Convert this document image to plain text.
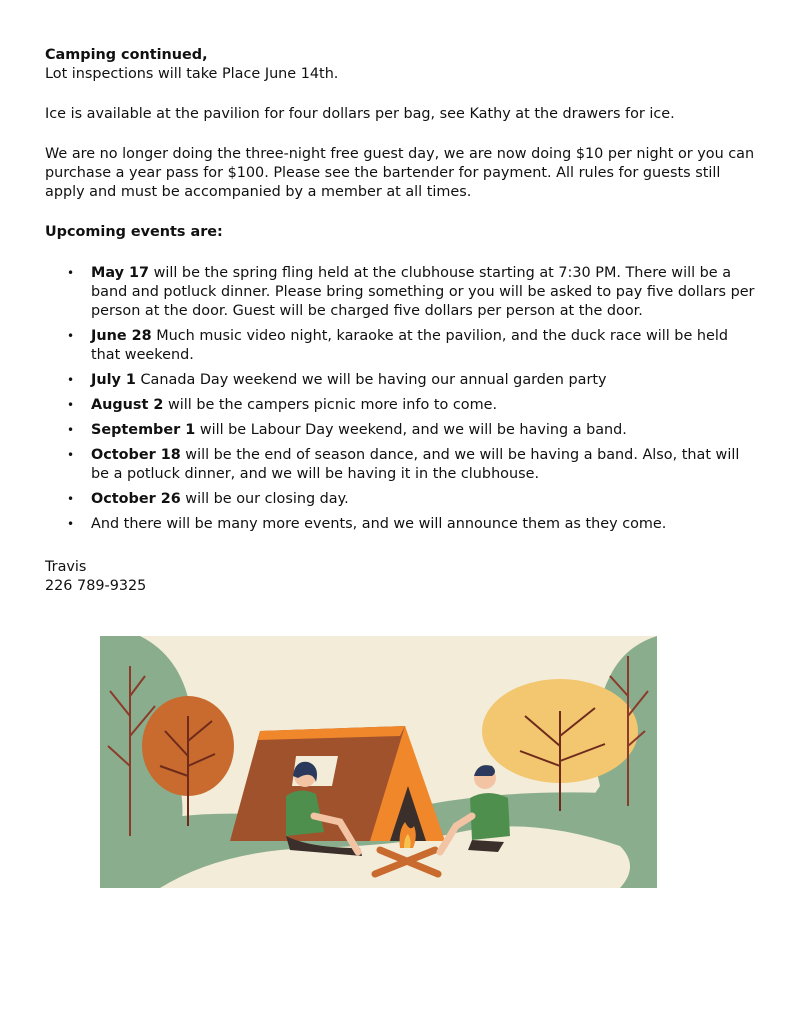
Camping continued,

Lot inspections will take Place June 14th.

Ice is available at the pavilion for four dollars per bag, see Kathy at the drawers for ice.

We are no longer doing the three-night free guest day, we are now doing $10 per night or you can purchase a year pass for $100. Please see the bartender for payment. All rules for guests still apply and must be accompanied by a member at all times.

Upcoming events are:

• May 17 will be the spring fling held at the clubhouse starting at 7:30 PM. There will be a band and potluck dinner. Please bring something or you will be asked to pay five dollars per person at the door. Guest will be charged five dollars per person at the door.
• June 28 Much music video night, karaoke at the pavilion, and the duck race will be held that weekend.
• July 1 Canada Day weekend we will be having our annual garden party
• August 2 will be the campers picnic more info to come.
• September 1 will be Labour Day weekend, and we will be having a band.
• October 18 will be the end of season dance, and we will be having a band. Also, that will be a potluck dinner, and we will be having it in the clubhouse.
• October 26 will be our closing day.
• And there will be many more events, and we will announce them as they come.

Travis

226 789-9325
